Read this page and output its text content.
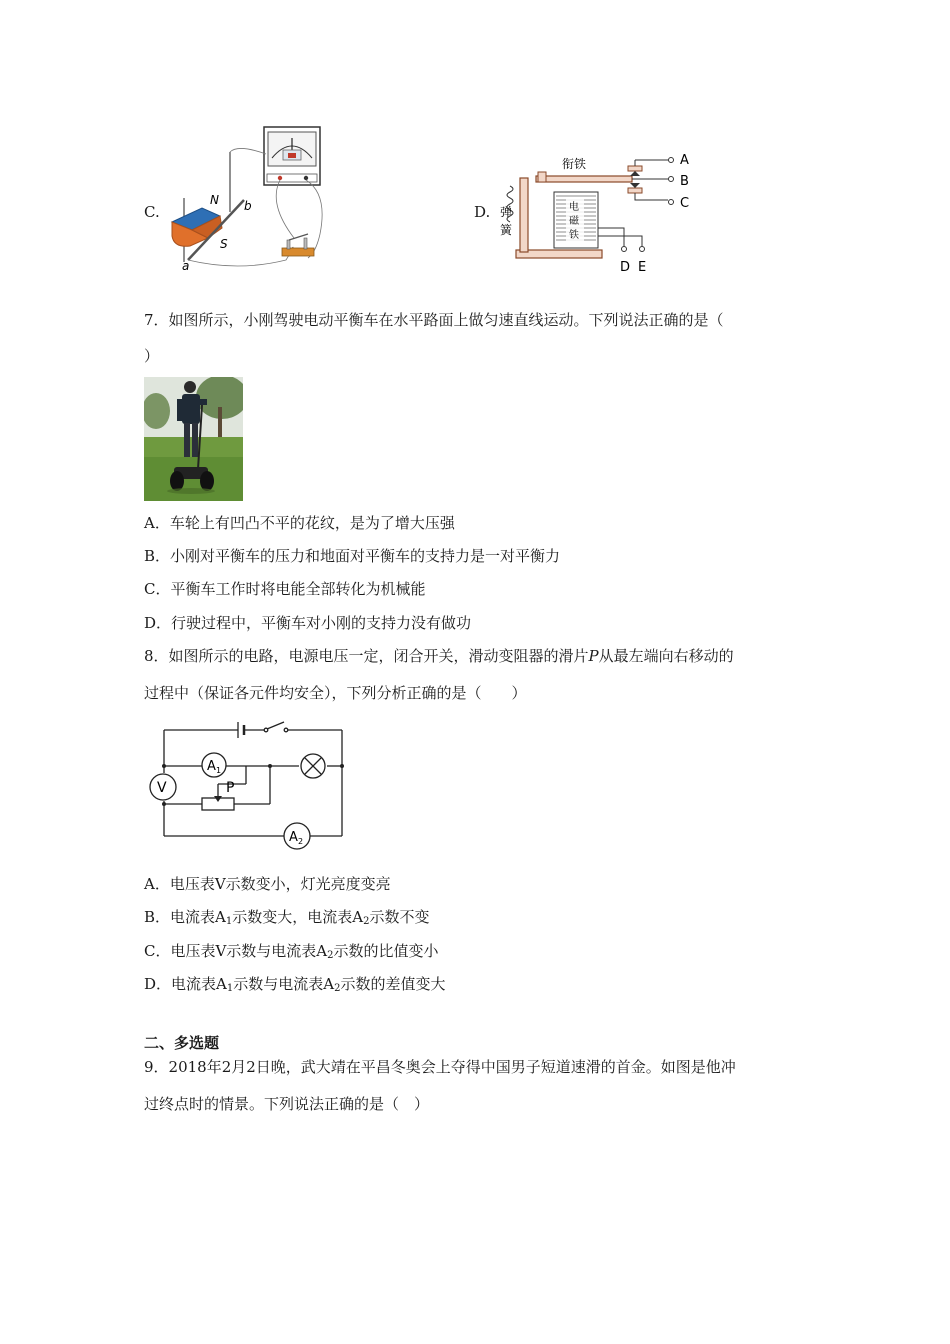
C.
N
S
b
a
D.
衔铁
弹
簧
电
磁
铁
D E
A
B
C
7．如图所示，小刚驾驶电动平衡车在水平路面上做匀速直线运动。下列说法正确的是（
）
A．车轮上有凹凸不平的花纹，是为了增大压强
B．小刚对平衡车的压力和地面对平衡车的支持力是一对平衡力
C．平衡车工作时将电能全部转化为机械能
D．行驶过程中，平衡车对小刚的支持力没有做功
8．如图所示的电路，电源电压一定，闭合开关，滑动变阻器的滑片P从最左端向右移动的
过程中（保证各元件均安全），下列分析正确的是（　　）
V
A 1
A 2
P
A．电压表V示数变小，灯光亮度变亮
B．电流表$A_1$示数变大，电流表$A_2$示数不变
C．电压表V示数与电流表$A_2$示数的比值变小
D．电流表$A_1$示数与电流表$A_2$示数的差值变大
二、多选题
9．2018年2月2日晚，武大靖在平昌冬奥会上夺得中国男子短道速滑的首金。如图是他冲
过终点时的情景。下列说法正确的是（　）
